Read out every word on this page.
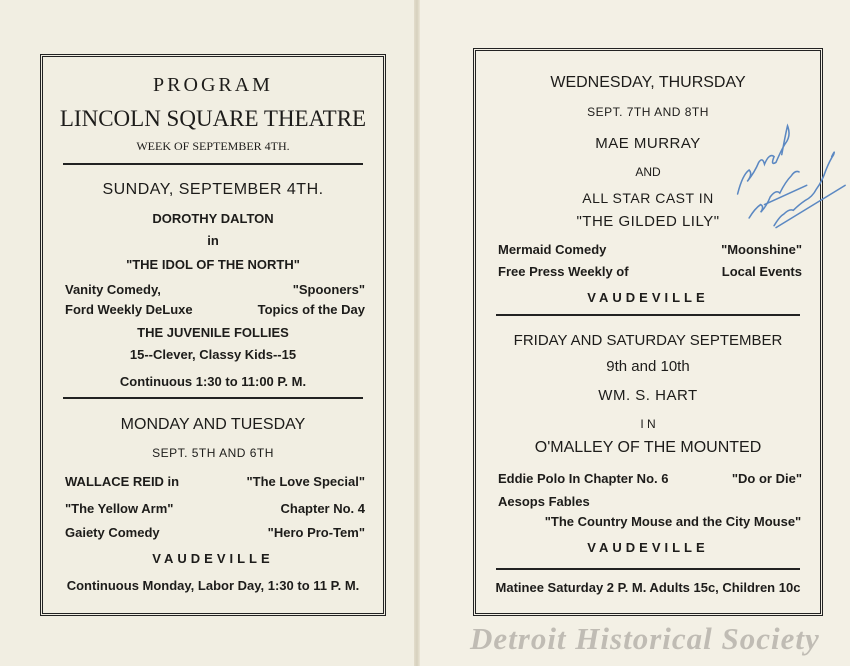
PROGRAM
LINCOLN SQUARE THEATRE
WEEK OF SEPTEMBER 4TH.
SUNDAY, SEPTEMBER 4TH.
DOROTHY DALTON
in
"THE IDOL OF THE NORTH"
Vanity Comedy,	"Spooners"
Ford Weekly DeLuxe	Topics of the Day
THE JUVENILE FOLLIES
15--Clever, Classy Kids--15
Continuous 1:30 to 11:00 P. M.
MONDAY AND TUESDAY
SEPT. 5TH AND 6TH
WALLACE REID in	"The Love Special"
"The Yellow Arm"	Chapter No. 4
Gaiety Comedy	"Hero Pro-Tem"
VAUDEVILLE
Continuous Monday, Labor Day, 1:30 to 11 P. M.
WEDNESDAY, THURSDAY
SEPT. 7TH AND 8TH
MAE MURRAY
AND
ALL STAR CAST IN
"THE GILDED LILY"
Mermaid Comedy	"Moonshine"
Free Press Weekly of	Local Events
VAUDEVILLE
FRIDAY AND SATURDAY SEPTEMBER
9th and 10th
WM. S. HART
I N
O'MALLEY OF THE MOUNTED
Eddie Polo In Chapter No. 6	"Do or Die"
Aesops Fables
"The Country Mouse and the City Mouse"
VAUDEVILLE
Matinee Saturday 2 P. M. Adults 15c, Children 10c
Detroit Historical Society
